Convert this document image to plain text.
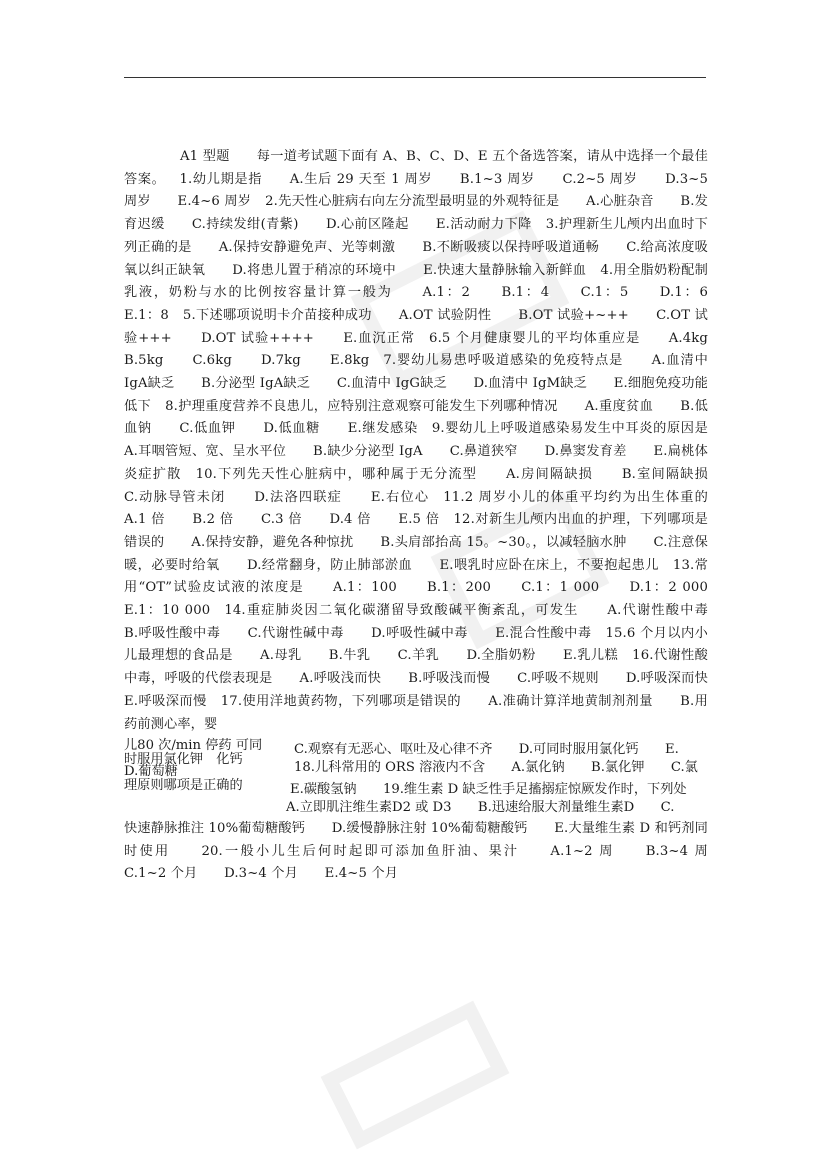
A1 型题　　每一道考试题下面有 A、B、C、D、E 五个备选答案，请从中选择一个最佳答案。 1.幼儿期是指　　A.生后 29 天至 1 周岁　　B.1~3 周岁　　C.2~5 周岁　　D.3~5 周岁　　E.4~6 周岁 2.先天性心脏病右向左分流型最明显的外观特征是　　A.心脏杂音　　B.发育迟缓　　C.持续发绀(青紫)　　D.心前区隆起　　E.活动耐力下降 3.护理新生儿颅内出血时下列正确的是　　A.保持安静避免声、光等刺激　　B.不断吸痰以保持呼吸道通畅　　C.给高浓度吸氧以纠正缺氧　　D.将患儿置于稍凉的环境中　　E.快速大量静脉输入新鲜血 4.用全脂奶粉配制乳液，奶粉与水的比例按容量计算一般为　　A.1：2　　B.1：4　　C.1：5　　D.1：6　　E.1：8 5.下述哪项说明卡介苗接种成功　　A.OT 试验阴性　　B.OT 试验+~++　　C.OT 试验+++　　D.OT 试验++++　　E.血沉正常 6.5 个月健康婴儿的平均体重应是　　A.4kg　　B.5kg　　C.6kg　　D.7kg　　E.8kg 7.婴幼儿易患呼吸道感染的免疫特点是　　A.血清中 IgA缺乏　　B.分泌型 IgA缺乏　　C.血清中 IgG缺乏　　D.血清中 IgM缺乏　　E.细胞免疫功能低下 8.护理重度营养不良患儿，应特别注意观察可能发生下列哪种情况　　A.重度贫血　　B.低血钠　　C.低血钾　　D.低血糖　　E.继发感染 9.婴幼儿上呼吸道感染易发生中耳炎的原因是　　A.耳咽管短、宽、呈水平位　　B.缺少分泌型 IgA　　C.鼻道狭窄　　D.鼻窦发育差　　E.扁桃体炎症扩散 10.下列先天性心脏病中，哪种属于无分流型　　A.房间隔缺损　　B.室间隔缺损　　C.动脉导管未闭　　D.法洛四联症　　E.右位心 11.2 周岁小儿的体重平均约为出生体重的　　A.1 倍　　B.2 倍　　C.3 倍　　D.4 倍　　E.5 倍 12.对新生儿颅内出血的护理，下列哪项是错误的　　A.保持安静，避免各种惊扰　　B.头肩部抬高 15。~30。，以减轻脑水肿　　C.注意保暖，必要时给氧　　D.经常翻身，防止肺部淤血　　E.喂乳时应卧在床上，不要抱起患儿 13.常用“OT”试验皮试液的浓度是　　A.1：100　　B.1：200　　C.1：1 000　　D.1：2 000　　E.1：10 000 14.重症肺炎因二氧化碳潴留导致酸碱平衡紊乱，可发生　　A.代谢性酸中毒　　B.呼吸性酸中毒　　C.代谢性碱中毒　　D.呼吸性碱中毒　　E.混合性酸中毒 15.6 个月以内小儿最理想的食品是　　A.母乳　　B.牛乳　　C.羊乳　　D.全脂奶粉　　E.乳儿糕 16.代谢性酸中毒，呼吸的代偿表现是　　A.呼吸浅而快　　B.呼吸浅而慢　　C.呼吸不规则　　D.呼吸深而快　　E.呼吸深而慢 17.使用洋地黄药物，下列哪项是错误的　　A.准确计算洋地黄制剂剂量　　B.用药前测心率，婴
儿80 次/min 停药 可同
时服用氯化钾　化钙
C.观察有无恶心、呕吐及心律不齐　　D.可同时服用氯化钙　　E.
D.葡萄糖	18.儿科常用的 ORS 溶液内不含　　A.氯化钠　　B.氯化钾　　C.氯
理原则哪项是正确的	E.碳酸氢钠　　19.维生素 D 缺乏性手足搐搦症惊厥发作时，下列处
A.立即肌注维生素D2 或 D3　　B.迅速给服大剂量维生素D　　C.
快速静脉推注 10%葡萄糖酸钙　　D.缓慢静脉注射 10%葡萄糖酸钙　　E.大量维生素 D 和钙剂同时使用　　20.一般小儿生后何时起即可添加鱼肝油、果汁　　A.1~2 周　　B.3~4 周　　C.1~2 个月　　D.3~4 个月　　E.4~5 个月
